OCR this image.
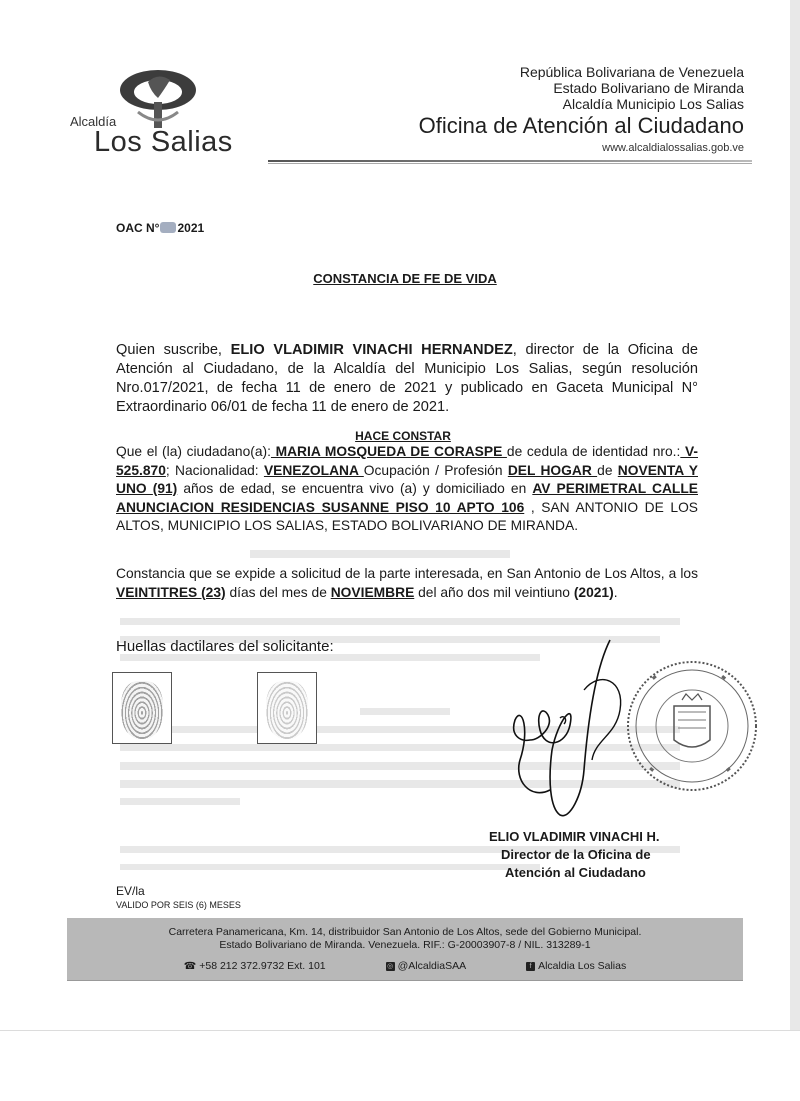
Alcaldía
Los Salias
República Bolivariana de Venezuela
Estado Bolivariano de Miranda
Alcaldía Municipio Los Salias
Oficina de Atención al Ciudadano
www.alcaldialossalias.gob.ve
OAC N° 2021
CONSTANCIA DE FE DE VIDA
Quien suscribe, ELIO VLADIMIR VINACHI HERNANDEZ, director de la Oficina de Atención al Ciudadano, de la Alcaldía del Municipio Los Salias, según resolución Nro.017/2021, de fecha 11 de enero de 2021 y publicado en Gaceta Municipal N° Extraordinario 06/01 de fecha 11 de enero de 2021.
HACE CONSTAR
Que el (la) ciudadano(a): MARIA MOSQUEDA DE CORASPE de cedula de identidad nro.: V-525.870; Nacionalidad: VENEZOLANA Ocupación / Profesión DEL HOGAR de NOVENTA Y UNO (91) años de edad, se encuentra vivo (a) y domiciliado en AV PERIMETRAL CALLE ANUNCIACION RESIDENCIAS SUSANNE PISO 10 APTO 106 , SAN ANTONIO DE LOS ALTOS, MUNICIPIO LOS SALIAS, ESTADO BOLIVARIANO DE MIRANDA.
Constancia que se expide a solicitud de la parte interesada, en San Antonio de Los Altos, a los VEINTITRES (23) días del mes de NOVIEMBRE del año dos mil veintiuno (2021).
Huellas dactilares del solicitante:
ELIO VLADIMIR VINACHI H.
Director de la Oficina de
Atención al Ciudadano
EV/la
VALIDO POR SEIS (6) MESES
Carretera Panamericana, Km. 14, distribuidor San Antonio de Los Altos, sede del Gobierno Municipal.
Estado Bolivariano de Miranda. Venezuela. RIF.: G-20003907-8 / NIL. 313289-1
☎ +58 212 372.9732 Ext. 101	◎ @AlcaldiaSAA	f Alcaldia Los Salias
